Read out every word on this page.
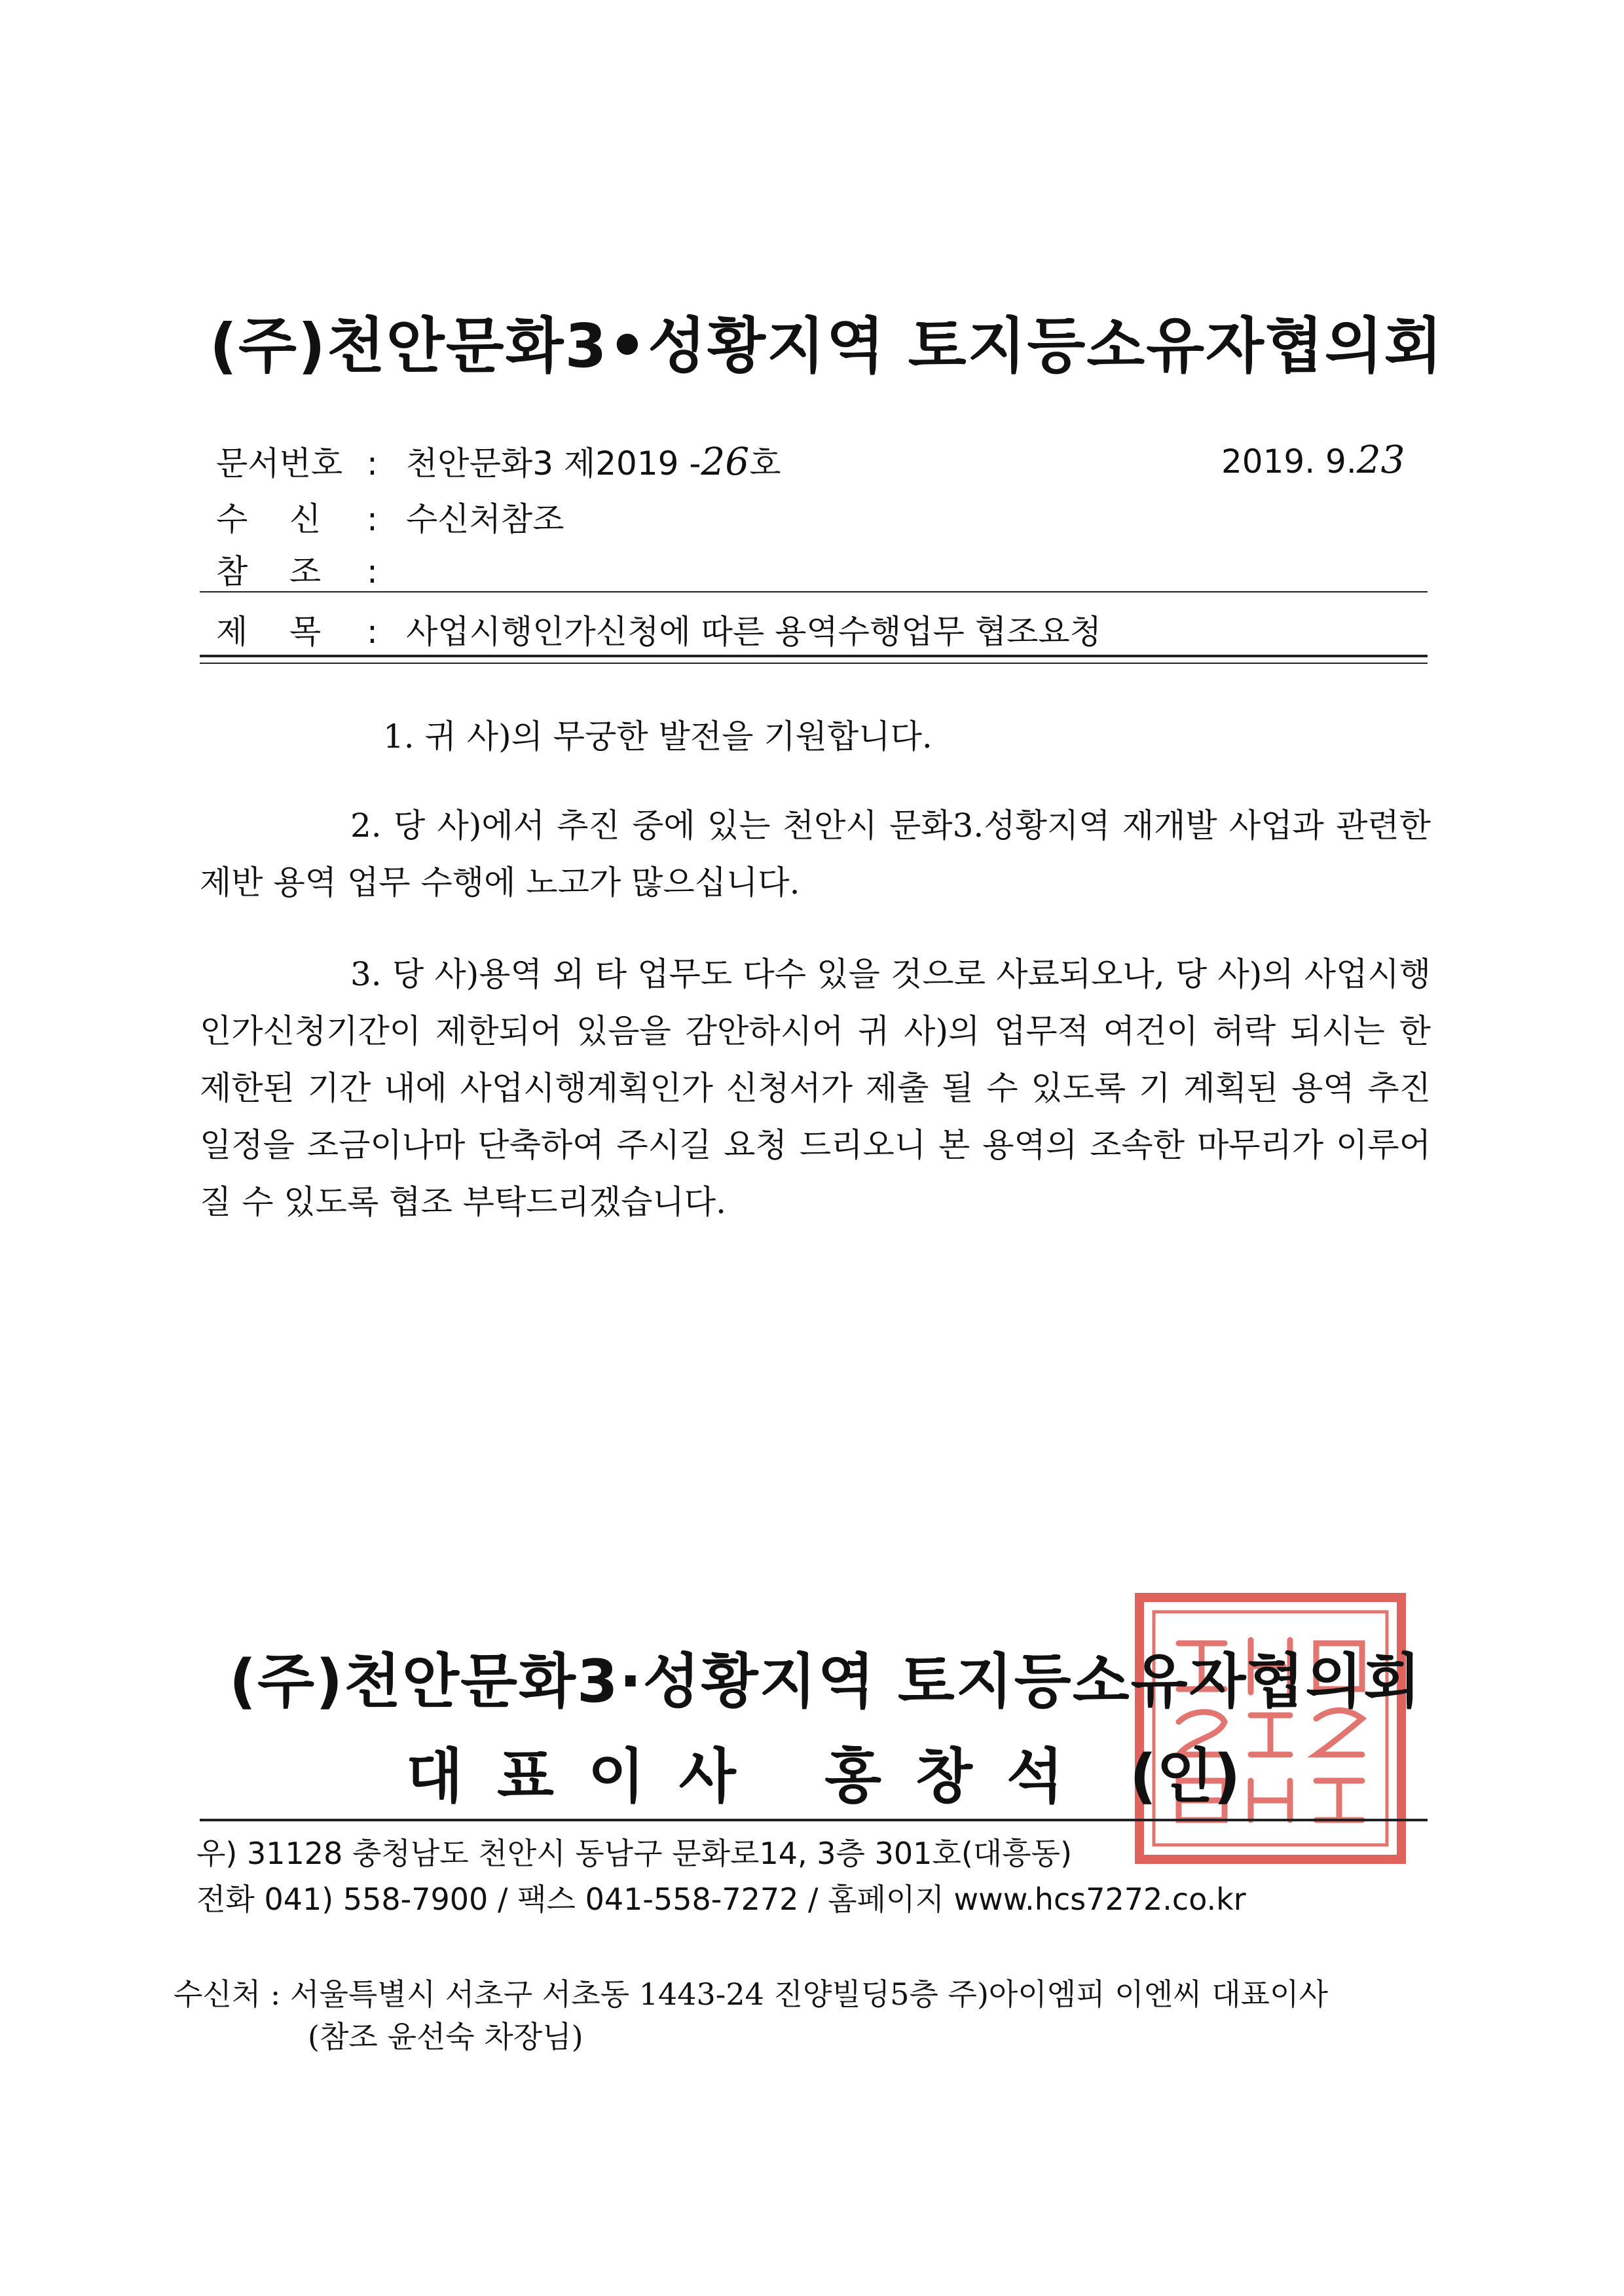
(주)천안문화3•성황지역 토지등소유자협의회
문서번호 : 천안문화3 제2019 -26호	2019. 9.23
수    신 : 수신처참조
참    조 :
제    목 : 사업시행인가신청에 따른 용역수행업무 협조요청
1. 귀 사)의 무궁한 발전을 기원합니다.
2. 당 사)에서 추진 중에 있는 천안시 문화3.성황지역 재개발 사업과 관련한 제반 용역 업무 수행에 노고가 많으십니다.
3. 당 사)용역 외 타 업무도 다수 있을 것으로 사료되오나, 당 사)의 사업시행인가신청기간이 제한되어 있음을 감안하시어 귀 사)의 업무적 여건이 허락 되시는 한 제한된 기간 내에 사업시행계획인가 신청서가 제출 될 수 있도록 기 계획된 용역 추진 일정을 조금이나마 단축하여 주시길 요청 드리오니 본 용역의 조속한 마무리가 이루어 질 수 있도록 협조 부탁드리겠습니다.
(주)천안문화3·성황지역 토지등소유자협의회
대표이사 홍창석 (인)
우) 31128 충청남도 천안시 동남구 문화로14, 3층 301호(대흥동)
전화 041) 558-7900 / 팩스 041-558-7272 / 홈페이지 www.hcs7272.co.kr
수신처 : 서울특별시 서초구 서초동 1443-24 진양빌딩5층 주)아이엠피 이엔씨 대표이사
(참조 윤선숙 차장님)
